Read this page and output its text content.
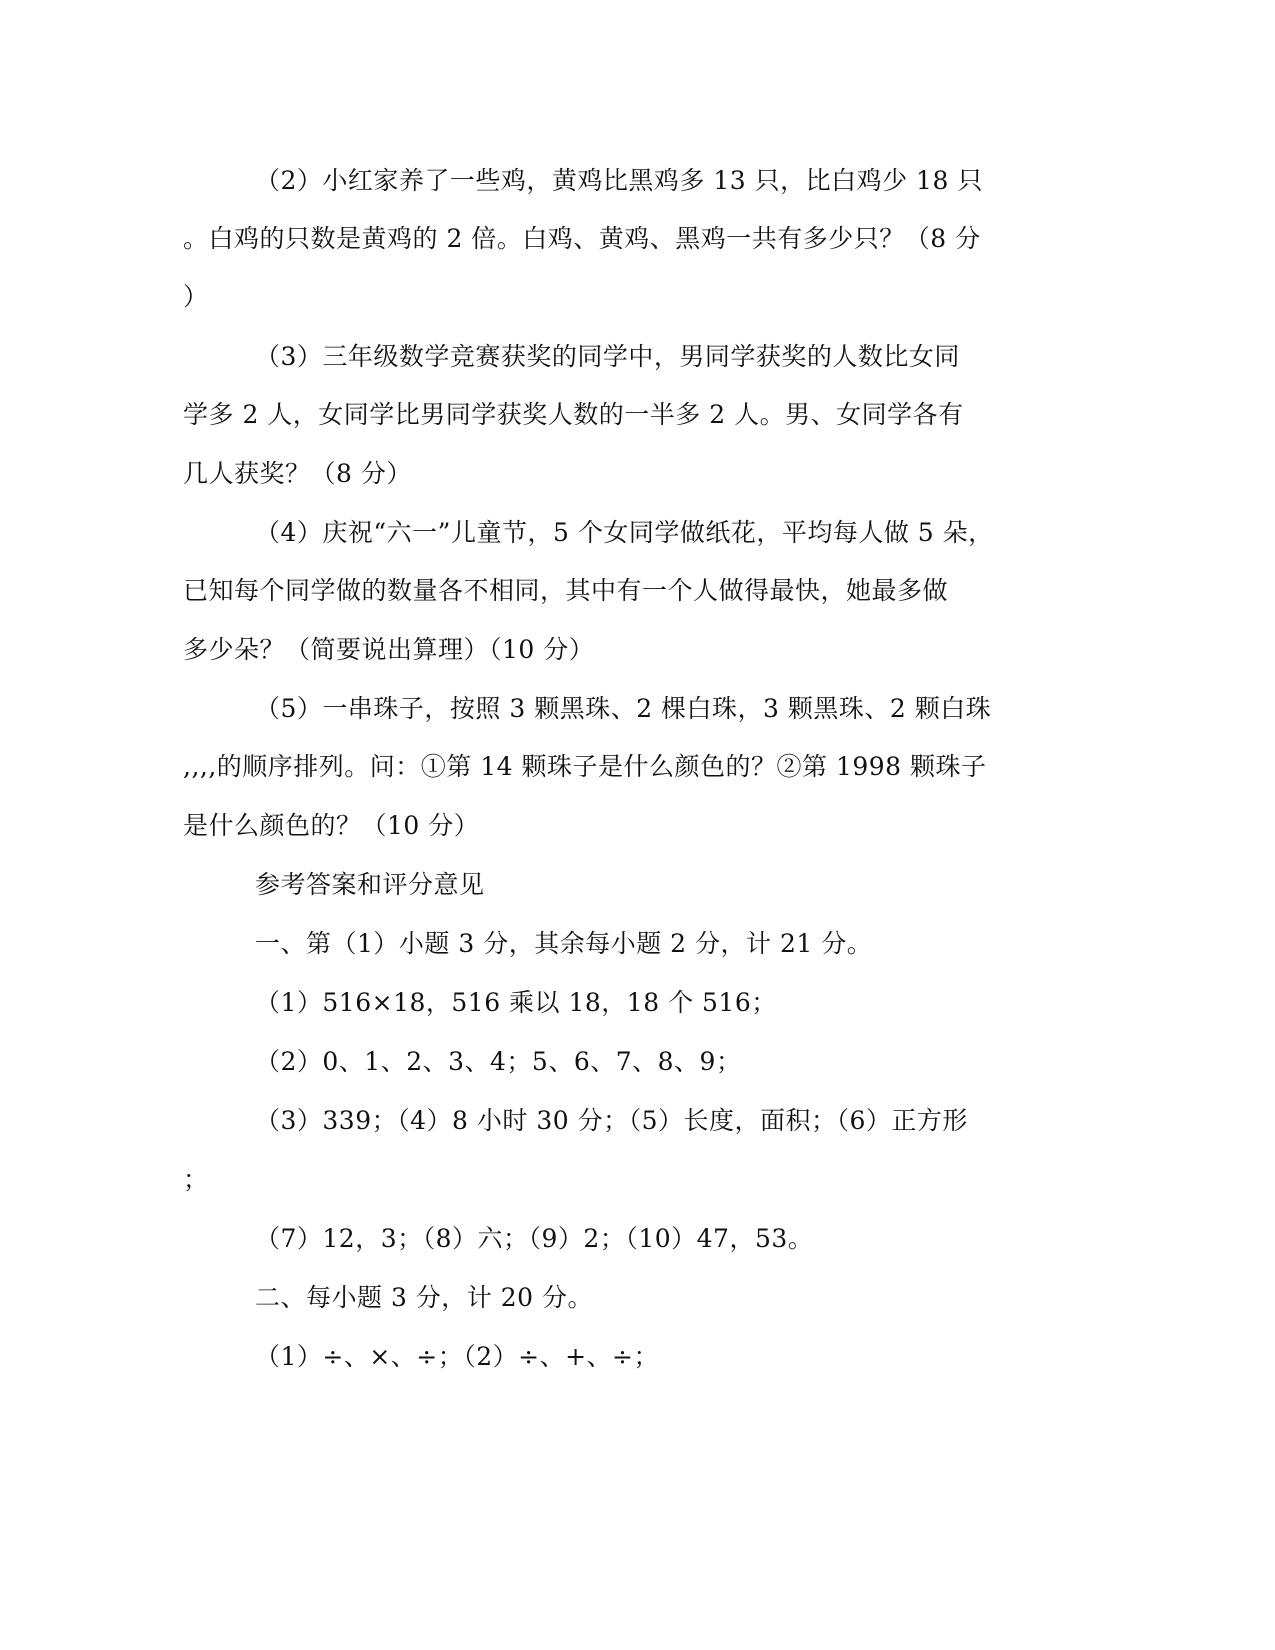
（2）小红家养了一些鸡，黄鸡比黑鸡多 13 只，比白鸡少 18 只
。白鸡的只数是黄鸡的 2 倍。白鸡、黄鸡、黑鸡一共有多少只？（8 分
）
（3）三年级数学竞赛获奖的同学中，男同学获奖的人数比女同
学多 2 人，女同学比男同学获奖人数的一半多 2 人。男、女同学各有
几人获奖？（8 分）
（4）庆祝“六一”儿童节，5 个女同学做纸花，平均每人做 5 朵，
已知每个同学做的数量各不相同，其中有一个人做得最快，她最多做
多少朵？（简要说出算理）（10 分）
（5）一串珠子，按照 3 颗黑珠、2 棵白珠，3 颗黑珠、2 颗白珠
,,,,的顺序排列。问：①第 14 颗珠子是什么颜色的？②第 1998 颗珠子
是什么颜色的？（10 分）
参考答案和评分意见
一、第（1）小题 3 分，其余每小题 2 分，计 21 分。
（1）516×18，516 乘以 18，18 个 516；
（2）0、1、2、3、4；5、6、7、8、9；
（3）339；（4）8 小时 30 分；（5）长度，面积；（6）正方形
；
（7）12，3；（8）六；（9）2；（10）47，53。
二、每小题 3 分，计 20 分。
（1）÷、×、÷；（2）÷、+、÷；
